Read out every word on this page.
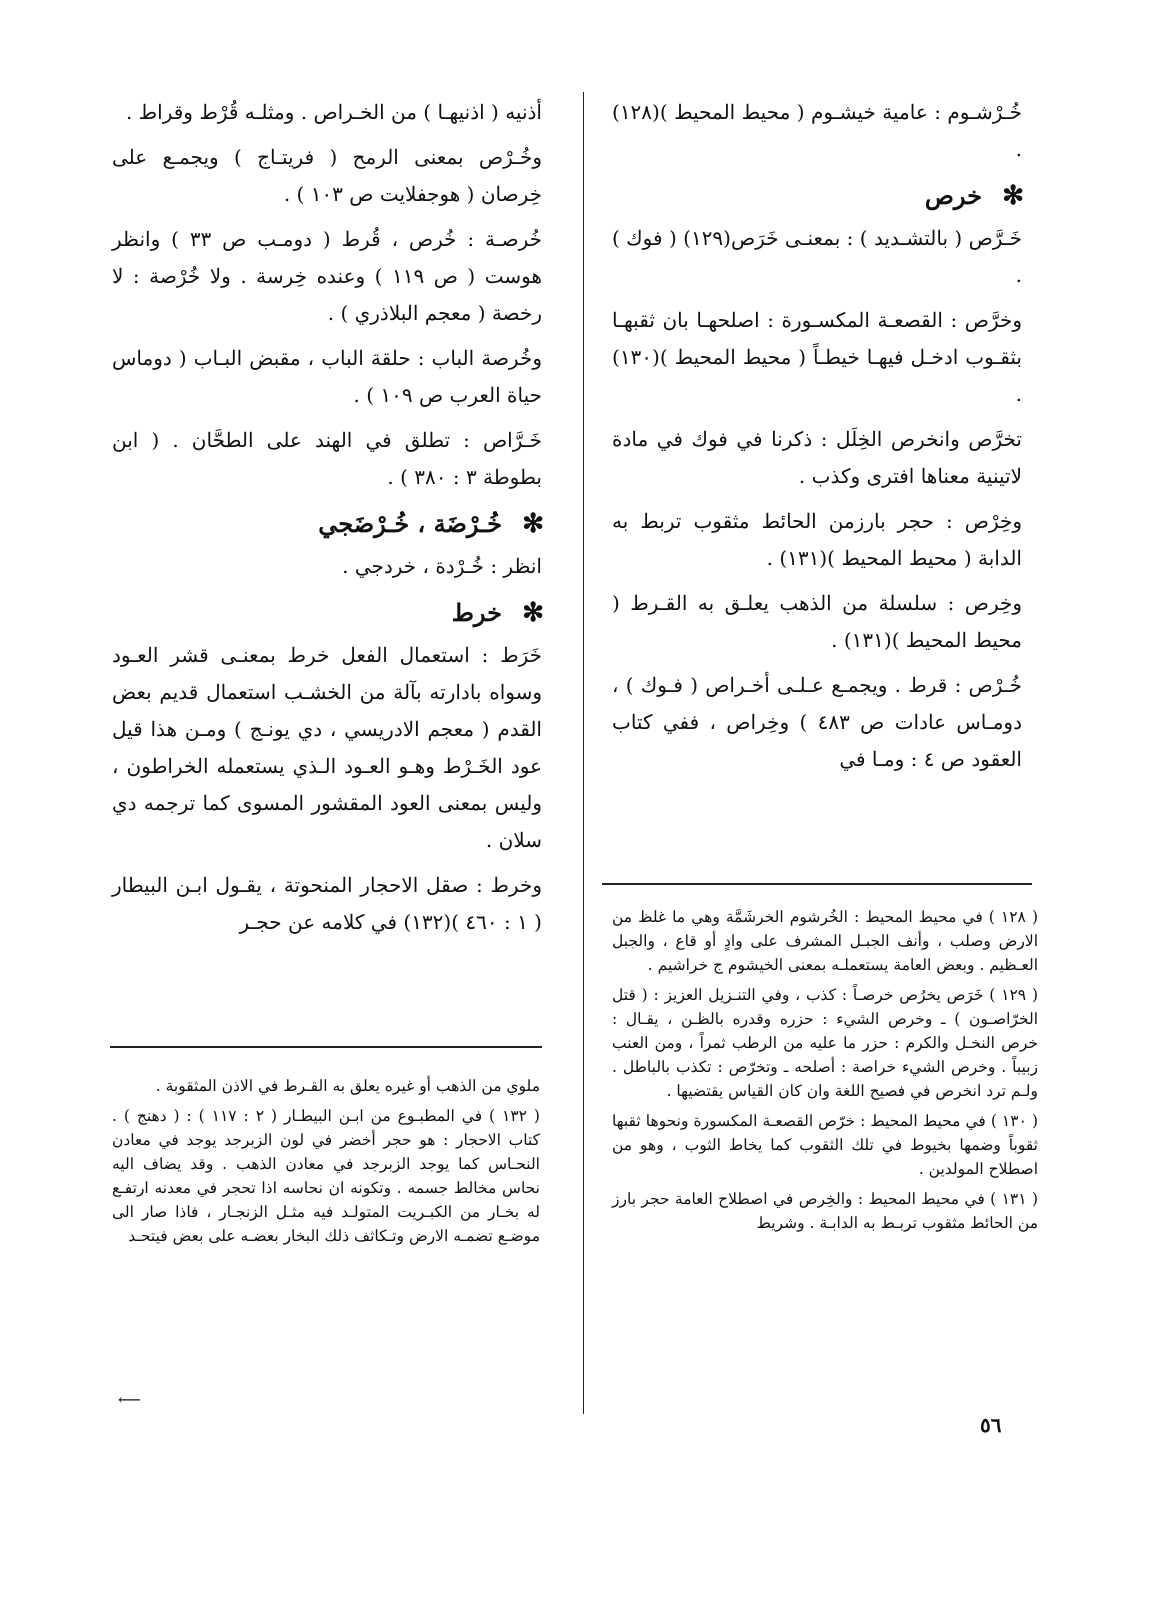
خُـرْشـوم : عامية خيشـوم ( محيط المحيط )(١٢٨) .

✻
خرص

خَـرَّص ( بالتشـديد ) : بمعنـى خَرَص(١٢٩) ( فوك ) .

وخرَّص : القصعـة المكسـورة : اصلحهـا بان ثقبهـا بثقـوب ادخـل فيهـا خيطـاً ( محيط المحيط )(١٣٠) .

تخرَّص وانخرص الخِلَل : ذكرنا في فوك في مادة لاتينية معناها افترى وكذب .

وخِرْص : حجر بارزمن الحائط مثقوب تربط به الدابة ( محيط المحيط )(١٣١) .

وخِرص : سلسلة من الذهب يعلـق به القـرط ( محيط المحيط )(١٣١) .

خُـرْص : قرط . ويجمـع عـلـى أخـراص ( فـوك ) ، دومـاس عادات ص ٤٨٣ ) وخِراص ، ففي كتاب العقود ص ٤ : ومـا في

أذنيه ( اذنيهـا ) من الخـراص . ومثلـه قُرْط وقراط .

وخُـرْص بمعنى الرمح ( فريتـاج ) ويجمـع على خِرصان ( هوجفلايت ص ١٠٣ ) .

خُرصـة : خُرص ، قُرط ( دومـب ص ٣٣ ) وانظر هوست ( ص ١١٩ ) وعنده خِرسة . ولا خُرْصة : لا رخصة ( معجم البلاذري ) .

وخُرصة الباب : حلقة الباب ، مقبض البـاب ( دوماس حياة العرب ص ١٠٩ ) .

خَـرَّاص : تطلق في الهند على الطحَّان . ( ابن بطوطة ٣ : ٣٨٠ ) .

✻
خُـرْضَة ، خُـرْضَجي

انظر : خُـرْدة ، خردجي .

✻
خرط

خَرَط : استعمال الفعل خرط بمعنـى قشر العـود وسواه بادارته بآلة من الخشـب استعمال قديم بعض القدم ( معجم الادريسي ، دي يونـج ) ومـن هذا قيل عود الخَـرْط وهـو العـود الـذي يستعمله الخراطون ، وليس بمعنى العود المقشور المسوى كما ترجمه دي سلان .

وخرط : صقل الاحجار المنحوتة ، يقـول ابـن البيطار ( ١ : ٤٦٠ )(١٣٢) في كلامه عن حجـر	( ١٢٨ ) في محيط المحيط : الخُرشوم الخرشَمَّة وهي ما غلظ من الارض وصلب ، وأنف الجبـل المشرف على وادٍ أو قاع ، والجبل العـظيم . وبعض العامة يستعملـه بمعنى الخيشوم ج خراشيم .

( ١٢٩ ) خَرَص يخرُص خرصـاً : كذب ، وفي التنـزيل العزيز : ( قتل الخرّاصـون ) ـ وخرص الشيء : حزره وقدره بالظـن ، يقـال : خرص النخـل والكرم : حزر ما عليه من الرطب ثمراً ، ومن العنب زبيباً . وخرص الشيء خراصة : أصلحه ـ وتخرّص : تكذب بالباطل . ولـم ترد انخرص في فصيح اللغة وان كان القياس يقتضيها .

( ١٣٠ ) في محيط المحيط : خرّص القصعـة المكسورة ونحوها ثقبها ثقوباً وضمها بخيوط في تلك الثقوب كما يخاط الثوب ، وهو من اصطلاح المولدين .

( ١٣١ ) في محيط المحيط : والخِرص في اصطلاح العامة حجر بارز من الحائط مثقوب تربـط به الدابـة . وشريط

ملوي من الذهب أو غيره يعلق به القـرط في الاذن المثقوبة .

( ١٣٢ ) في المطبـوع من ابـن البيطـار ( ٢ : ١١٧ ) : ( دهنج ) . كتاب الاحجار : هو حجر أخضر في لون الزبرجد يوجد في معادن النحـاس كما يوجد الزبرجد في معادن الذهب . وقد يضاف اليه نحاس مخالط جسمه . وتكونه ان نحاسه اذا تحجر في معدنه ارتفـع له بخـار من الكبـريت المتولـد فيه مثـل الزنجـار ، فاذا صار الى موضـع تضمـه الارض وتـكاثف ذلك البخار بعضـه على بعض فيتحـد

⟵
٥٦
